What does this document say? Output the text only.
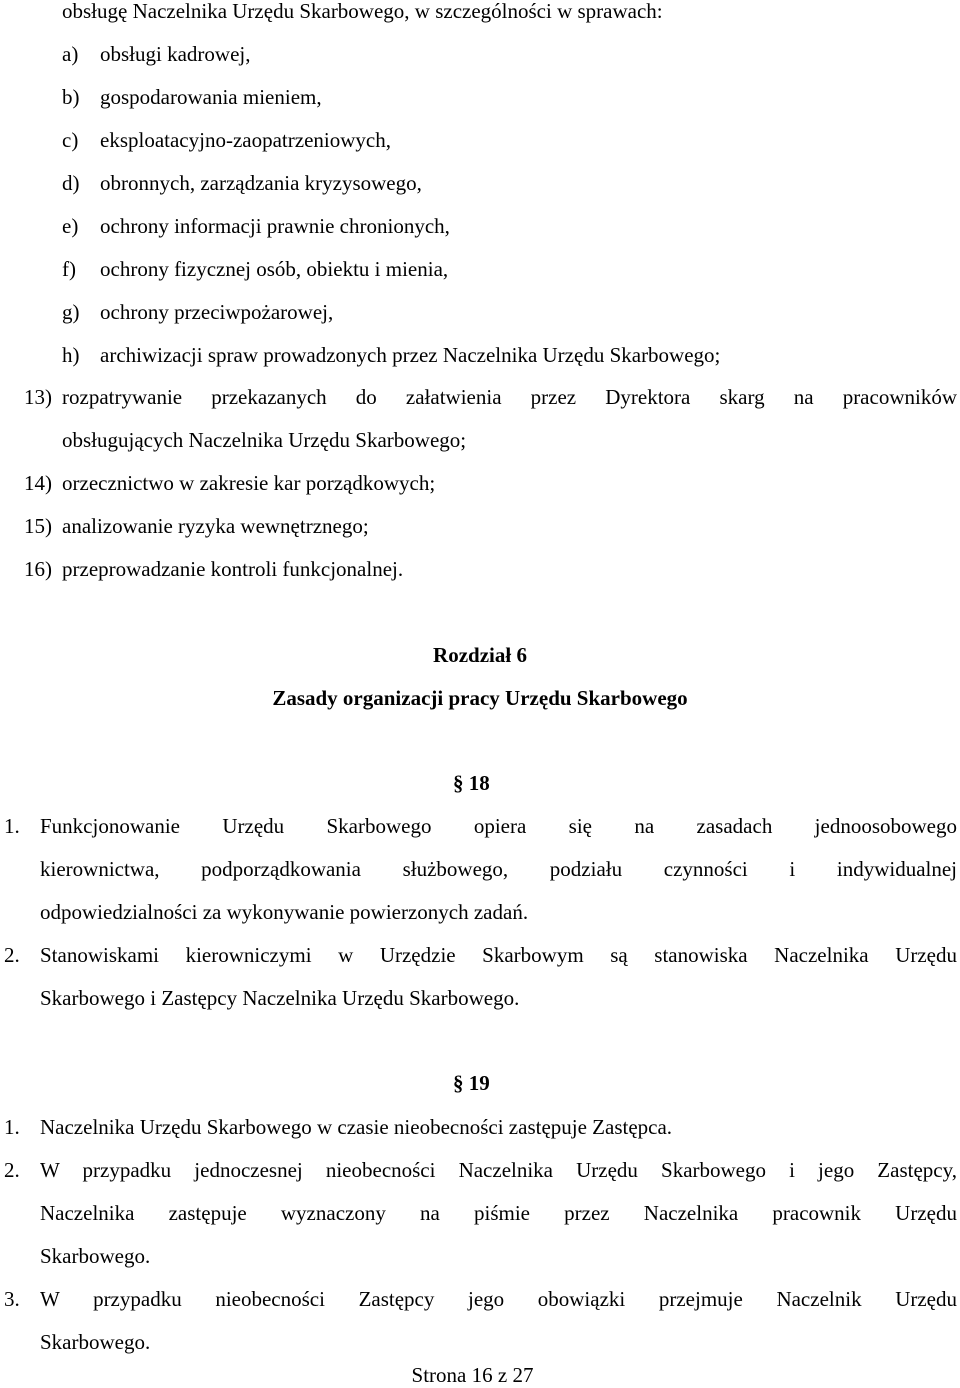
obsługę Naczelnika Urzędu Skarbowego, w szczególności w sprawach:
a) obsługi kadrowej,
b) gospodarowania mieniem,
c) eksploatacyjno-zaopatrzeniowych,
d) obronnych, zarządzania kryzysowego,
e) ochrony informacji prawnie chronionych,
f) ochrony fizycznej osób, obiektu i mienia,
g) ochrony przeciwpożarowej,
h) archiwizacji spraw prowadzonych przez Naczelnika Urzędu Skarbowego;
13) rozpatrywanie przekazanych do załatwienia przez Dyrektora skarg na pracowników
obsługujących Naczelnika Urzędu Skarbowego;
14) orzecznictwo w zakresie kar porządkowych;
15) analizowanie ryzyka wewnętrznego;
16) przeprowadzanie kontroli funkcjonalnej.
Rozdział 6
Zasady organizacji pracy Urzędu Skarbowego
§ 18
1. Funkcjonowanie Urzędu Skarbowego opiera się na zasadach jednoosobowego
kierownictwa, podporządkowania służbowego, podziału czynności i indywidualnej
odpowiedzialności za wykonywanie powierzonych zadań.
2. Stanowiskami kierowniczymi w Urzędzie Skarbowym są stanowiska Naczelnika Urzędu
Skarbowego i Zastępcy Naczelnika Urzędu Skarbowego.
§ 19
1. Naczelnika Urzędu Skarbowego w czasie nieobecności zastępuje Zastępca.
2. W przypadku jednoczesnej nieobecności Naczelnika Urzędu Skarbowego i jego Zastępcy,
Naczelnika zastępuje wyznaczony na piśmie przez Naczelnika pracownik Urzędu
Skarbowego.
3. W przypadku nieobecności Zastępcy jego obowiązki przejmuje Naczelnik Urzędu
Skarbowego.
Strona 16 z 27
